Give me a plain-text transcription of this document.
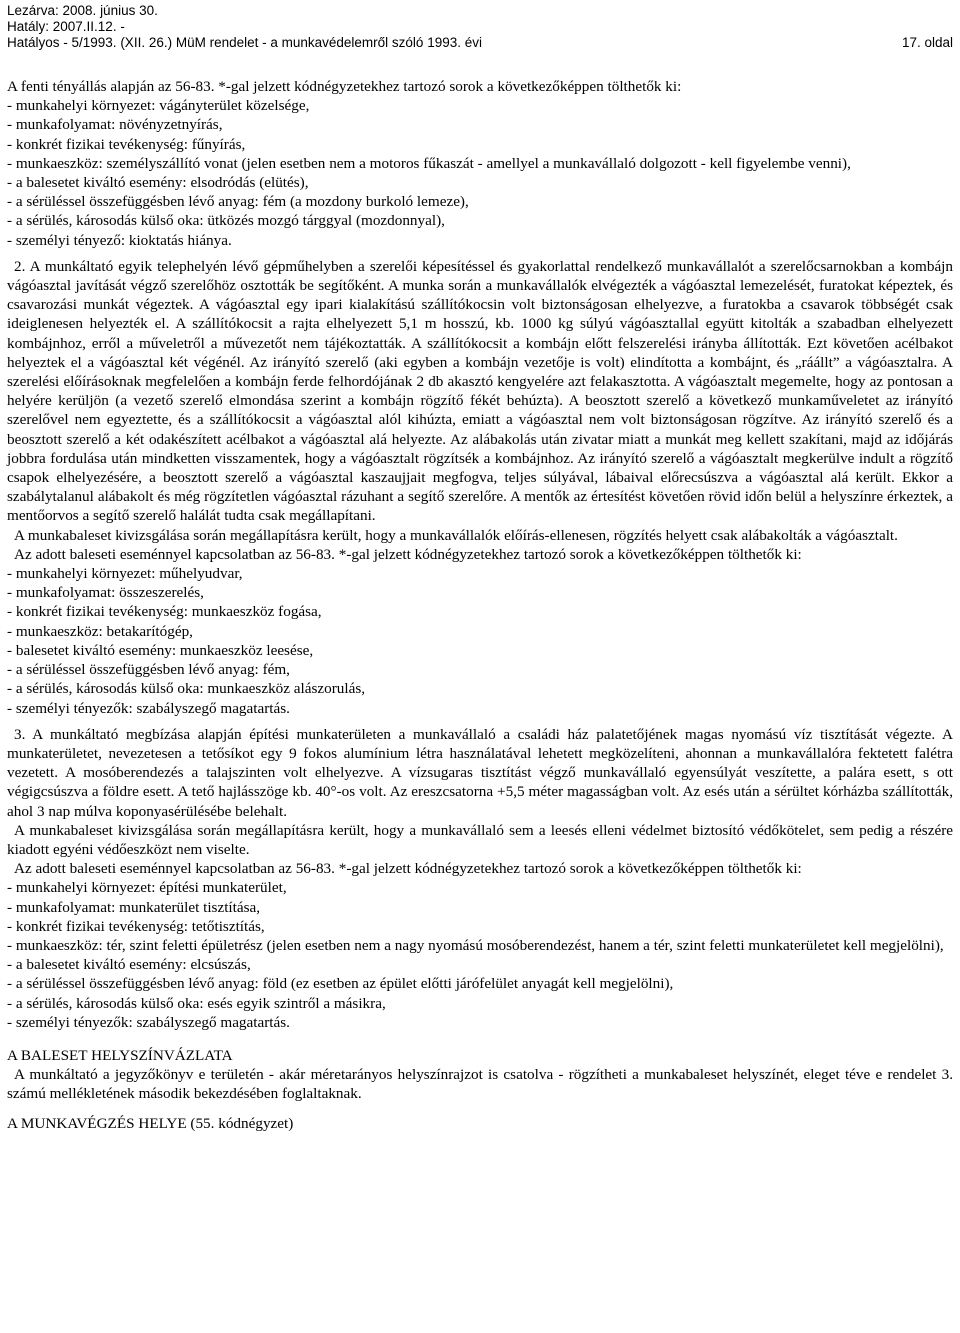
Lezárva: 2008. június 30.
Hatály: 2007.II.12. -
Hatályos - 5/1993. (XII. 26.) MüM rendelet - a munkavédelemről szóló 1993. évi	17. oldal

A fenti tényállás alapján az 56-83. *-gal jelzett kódnégyzetekhez tartozó sorok a következőképpen tölthetők ki:

- munkahelyi környezet: vágányterület közelsége,

- munkafolyamat: növényzetnyírás,

- konkrét fizikai tevékenység: fűnyírás,

- munkaeszköz: személyszállító vonat (jelen esetben nem a motoros fűkaszát - amellyel a munkavállaló dolgozott - kell figyelembe venni),

- a balesetet kiváltó esemény: elsodródás (elütés),

- a sérüléssel összefüggésben lévő anyag: fém (a mozdony burkoló lemeze),

- a sérülés, károsodás külső oka: ütközés mozgó tárggyal (mozdonnyal),

- személyi tényező: kioktatás hiánya.

2. A munkáltató egyik telephelyén lévő gépműhelyben a szerelői képesítéssel és gyakorlattal rendelkező munkavállalót a szerelőcsarnokban a kombájn vágóasztal javítását végző szerelőhöz osztották be segítőként. A munka során a munkavállalók elvégezték a vágóasztal lemezelését, furatokat képeztek, és csavarozási munkát végeztek. A vágóasztal egy ipari kialakítású szállítókocsin volt biztonságosan elhelyezve, a furatokba a csavarok többségét csak ideiglenesen helyezték el. A szállítókocsit a rajta elhelyezett 5,1 m hosszú, kb. 1000 kg súlyú vágóasztallal együtt kitolták a szabadban elhelyezett kombájnhoz, erről a műveletről a művezetőt nem tájékoztatták. A szállítókocsit a kombájn előtt felszerelési irányba állították. Ezt követően acélbakot helyeztek el a vágóasztal két végénél. Az irányító szerelő (aki egyben a kombájn vezetője is volt) elindította a kombájnt, és „ráállt” a vágóasztalra. A szerelési előírásoknak megfelelően a kombájn ferde felhordójának 2 db akasztó kengyelére azt felakasztotta. A vágóasztalt megemelte, hogy az pontosan a helyére kerüljön (a vezető szerelő elmondása szerint a kombájn rögzítő fékét behúzta). A beosztott szerelő a következő munkaműveletet az irányító szerelővel nem egyeztette, és a szállítókocsit a vágóasztal alól kihúzta, emiatt a vágóasztal nem volt biztonságosan rögzítve. Az irányító szerelő és a beosztott szerelő a két odakészített acélbakot a vágóasztal alá helyezte. Az alábakolás után zivatar miatt a munkát meg kellett szakítani, majd az időjárás jobbra fordulása után mindketten visszamentek, hogy a vágóasztalt rögzítsék a kombájnhoz. Az irányító szerelő a vágóasztalt megkerülve indult a rögzítő csapok elhelyezésére, a beosztott szerelő a vágóasztal kaszaujjait megfogva, teljes súlyával, lábaival előrecsúszva a vágóasztal alá került. Ekkor a szabálytalanul alábakolt és még rögzítetlen vágóasztal rázuhant a segítő szerelőre. A mentők az értesítést követően rövid időn belül a helyszínre érkeztek, a mentőorvos a segítő szerelő halálát tudta csak megállapítani.

A munkabaleset kivizsgálása során megállapításra került, hogy a munkavállalók előírás-ellenesen, rögzítés helyett csak alábakolták a vágóasztalt.

Az adott baleseti eseménnyel kapcsolatban az 56-83. *-gal jelzett kódnégyzetekhez tartozó sorok a következőképpen tölthetők ki:

- munkahelyi környezet: műhelyudvar,

- munkafolyamat: összeszerelés,

- konkrét fizikai tevékenység: munkaeszköz fogása,

- munkaeszköz: betakarítógép,

- balesetet kiváltó esemény: munkaeszköz leesése,

- a sérüléssel összefüggésben lévő anyag: fém,

- a sérülés, károsodás külső oka: munkaeszköz alászorulás,

- személyi tényezők: szabályszegő magatartás.

3. A munkáltató megbízása alapján építési munkaterületen a munkavállaló a családi ház palatetőjének magas nyomású víz tisztítását végezte. A munkaterületet, nevezetesen a tetősíkot egy 9 fokos alumínium létra használatával lehetett megközelíteni, ahonnan a munkavállalóra fektetett falétra vezetett. A mosóberendezés a talajszinten volt elhelyezve. A vízsugaras tisztítást végző munkavállaló egyensúlyát veszítette, a palára esett, s ott végigcsúszva a földre esett. A tető hajlásszöge kb. 40°-os volt. Az ereszcsatorna +5,5 méter magasságban volt. Az esés után a sérültet kórházba szállították, ahol 3 nap múlva koponyasérülésébe belehalt.

A munkabaleset kivizsgálása során megállapításra került, hogy a munkavállaló sem a leesés elleni védelmet biztosító védőkötelet, sem pedig a részére kiadott egyéni védőeszközt nem viselte.

Az adott baleseti eseménnyel kapcsolatban az 56-83. *-gal jelzett kódnégyzetekhez tartozó sorok a következőképpen tölthetők ki:

- munkahelyi környezet: építési munkaterület,

- munkafolyamat: munkaterület tisztítása,

- konkrét fizikai tevékenység: tetőtisztítás,

- munkaeszköz: tér, szint feletti épületrész (jelen esetben nem a nagy nyomású mosóberendezést, hanem a tér, szint feletti munkaterületet kell megjelölni),

- a balesetet kiváltó esemény: elcsúszás,

- a sérüléssel összefüggésben lévő anyag: föld (ez esetben az épület előtti járófelület anyagát kell megjelölni),

- a sérülés, károsodás külső oka: esés egyik szintről a másikra,

- személyi tényezők: szabályszegő magatartás.

A BALESET HELYSZÍNVÁZLATA

A munkáltató a jegyzőkönyv e területén - akár méretarányos helyszínrajzot is csatolva - rögzítheti a munkabaleset helyszínét, eleget téve e rendelet 3. számú mellékletének második bekezdésében foglaltaknak.

A MUNKAVÉGZÉS HELYE (55. kódnégyzet)
